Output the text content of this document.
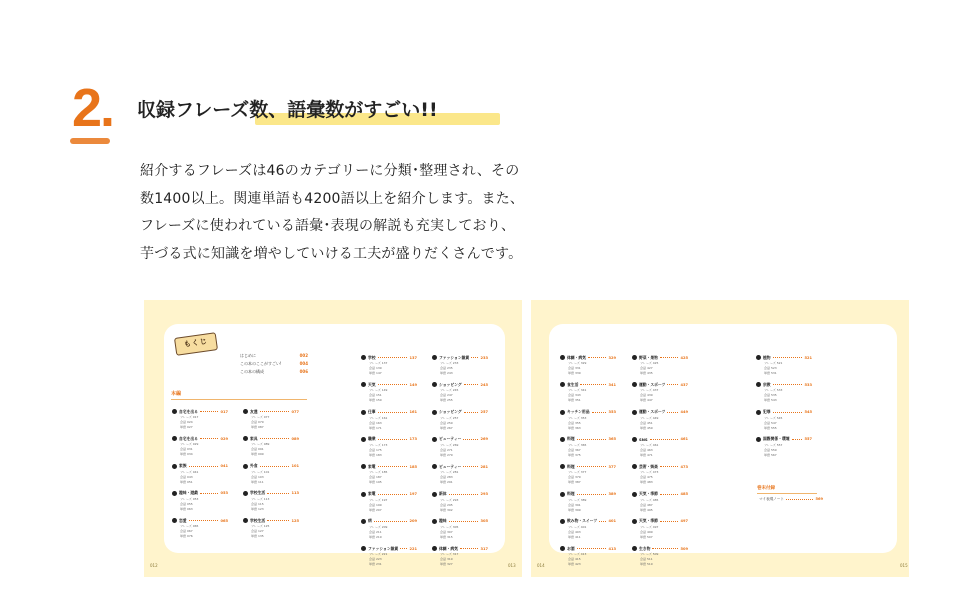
2.	収録フレーズ数、語彙数がすごい!!
紹介するフレーズは46のカテゴリーに分類･整理され、その
数1400以上。関連単語も4200語以上を紹介します。また、
フレーズに使われている語彙･表現の解説も充実しており、
芋づる式に知識を増やしていける工夫が盛りだくさんです。
012	013	014	015
もくじ
はじめに	002
この本のここがすごい!	004
この本の構成	006
本編
自宅を出る	017
フレーズ 017
会話 024
単語 027
自宅を出る	029
フレーズ 029
会話 031
単語 034
家族	041
フレーズ 041
会話 043
単語 051
趣味・遊戯	053
フレーズ 053
会話 055
単語 063
恋愛	065
フレーズ 065
会話 067
単語 076
友達	077
フレーズ 077
会話 079
単語 087
家具	089
フレーズ 089
会話 091
単語 099
外食	101
フレーズ 101
会話 103
単語 111
学校生活	113
フレーズ 113
会話 115
単語 123
学校生活	125
フレーズ 125
会話 127
単語 135
学校	137
フレーズ 137
会話 139
単語 147
天気	149
フレーズ 149
会話 151
単語 159
仕事	161
フレーズ 161
会話 163
単語 171
職業	173
フレーズ 173
会話 175
単語 183
家電	185
フレーズ 185
会話 187
単語 195
家電	197
フレーズ 197
会話 199
単語 207
病	209
フレーズ 209
会話 211
単語 219
ファッション雑貨	221
フレーズ 221
会話 223
単語 231
ファッション雑貨	233
フレーズ 233
会話 235
単語 243
ショッピング	245
フレーズ 245
会話 247
単語 255
ショッピング	257
フレーズ 257
会話 259
単語 267
ビューティー	269
フレーズ 269
会話 271
単語 279
ビューティー	281
フレーズ 281
会話 283
単語 291
新体	293
フレーズ 293
会話 295
単語 302
趣味	305
フレーズ 305
会話 307
単語 315
体調・病気	317
フレーズ 317
会話 319
単語 327
体調・病気	329
フレーズ 329
会話 331
単語 339
食生活	341
フレーズ 341
会話 343
単語 351
キッチン用品	353
フレーズ 353
会話 355
単語 363
料理	365
フレーズ 365
会話 367
単語 375
料理	377
フレーズ 377
会話 379
単語 387
料理	389
フレーズ 389
会話 391
単語 399
飲み物・スイーツ	401
フレーズ 401
会話 403
単語 411
お酒	413
フレーズ 413
会話 415
単語 423
野菜・果物	425
フレーズ 425
会話 427
単語 435
運動・スポーツ	437
フレーズ 437
会話 439
単語 447
運動・スポーツ	449
フレーズ 449
会話 451
単語 459
SNS	461
フレーズ 461
会話 463
単語 471
芸術・娯楽	473
フレーズ 473
会話 475
単語 483
天気・季節	485
フレーズ 485
会話 487
単語 495
天気・季節	497
フレーズ 497
会話 499
単語 507
生き物	509
フレーズ 509
会話 511
単語 519
植物	521
フレーズ 521
会話 523
単語 531
宗教	533
フレーズ 533
会話 535
単語 543
犯罪	545
フレーズ 545
会話 547
単語 555
国際関係・環境	557
フレーズ 557
会話 559
単語 567
巻末付録
マイ表現ノート	569
